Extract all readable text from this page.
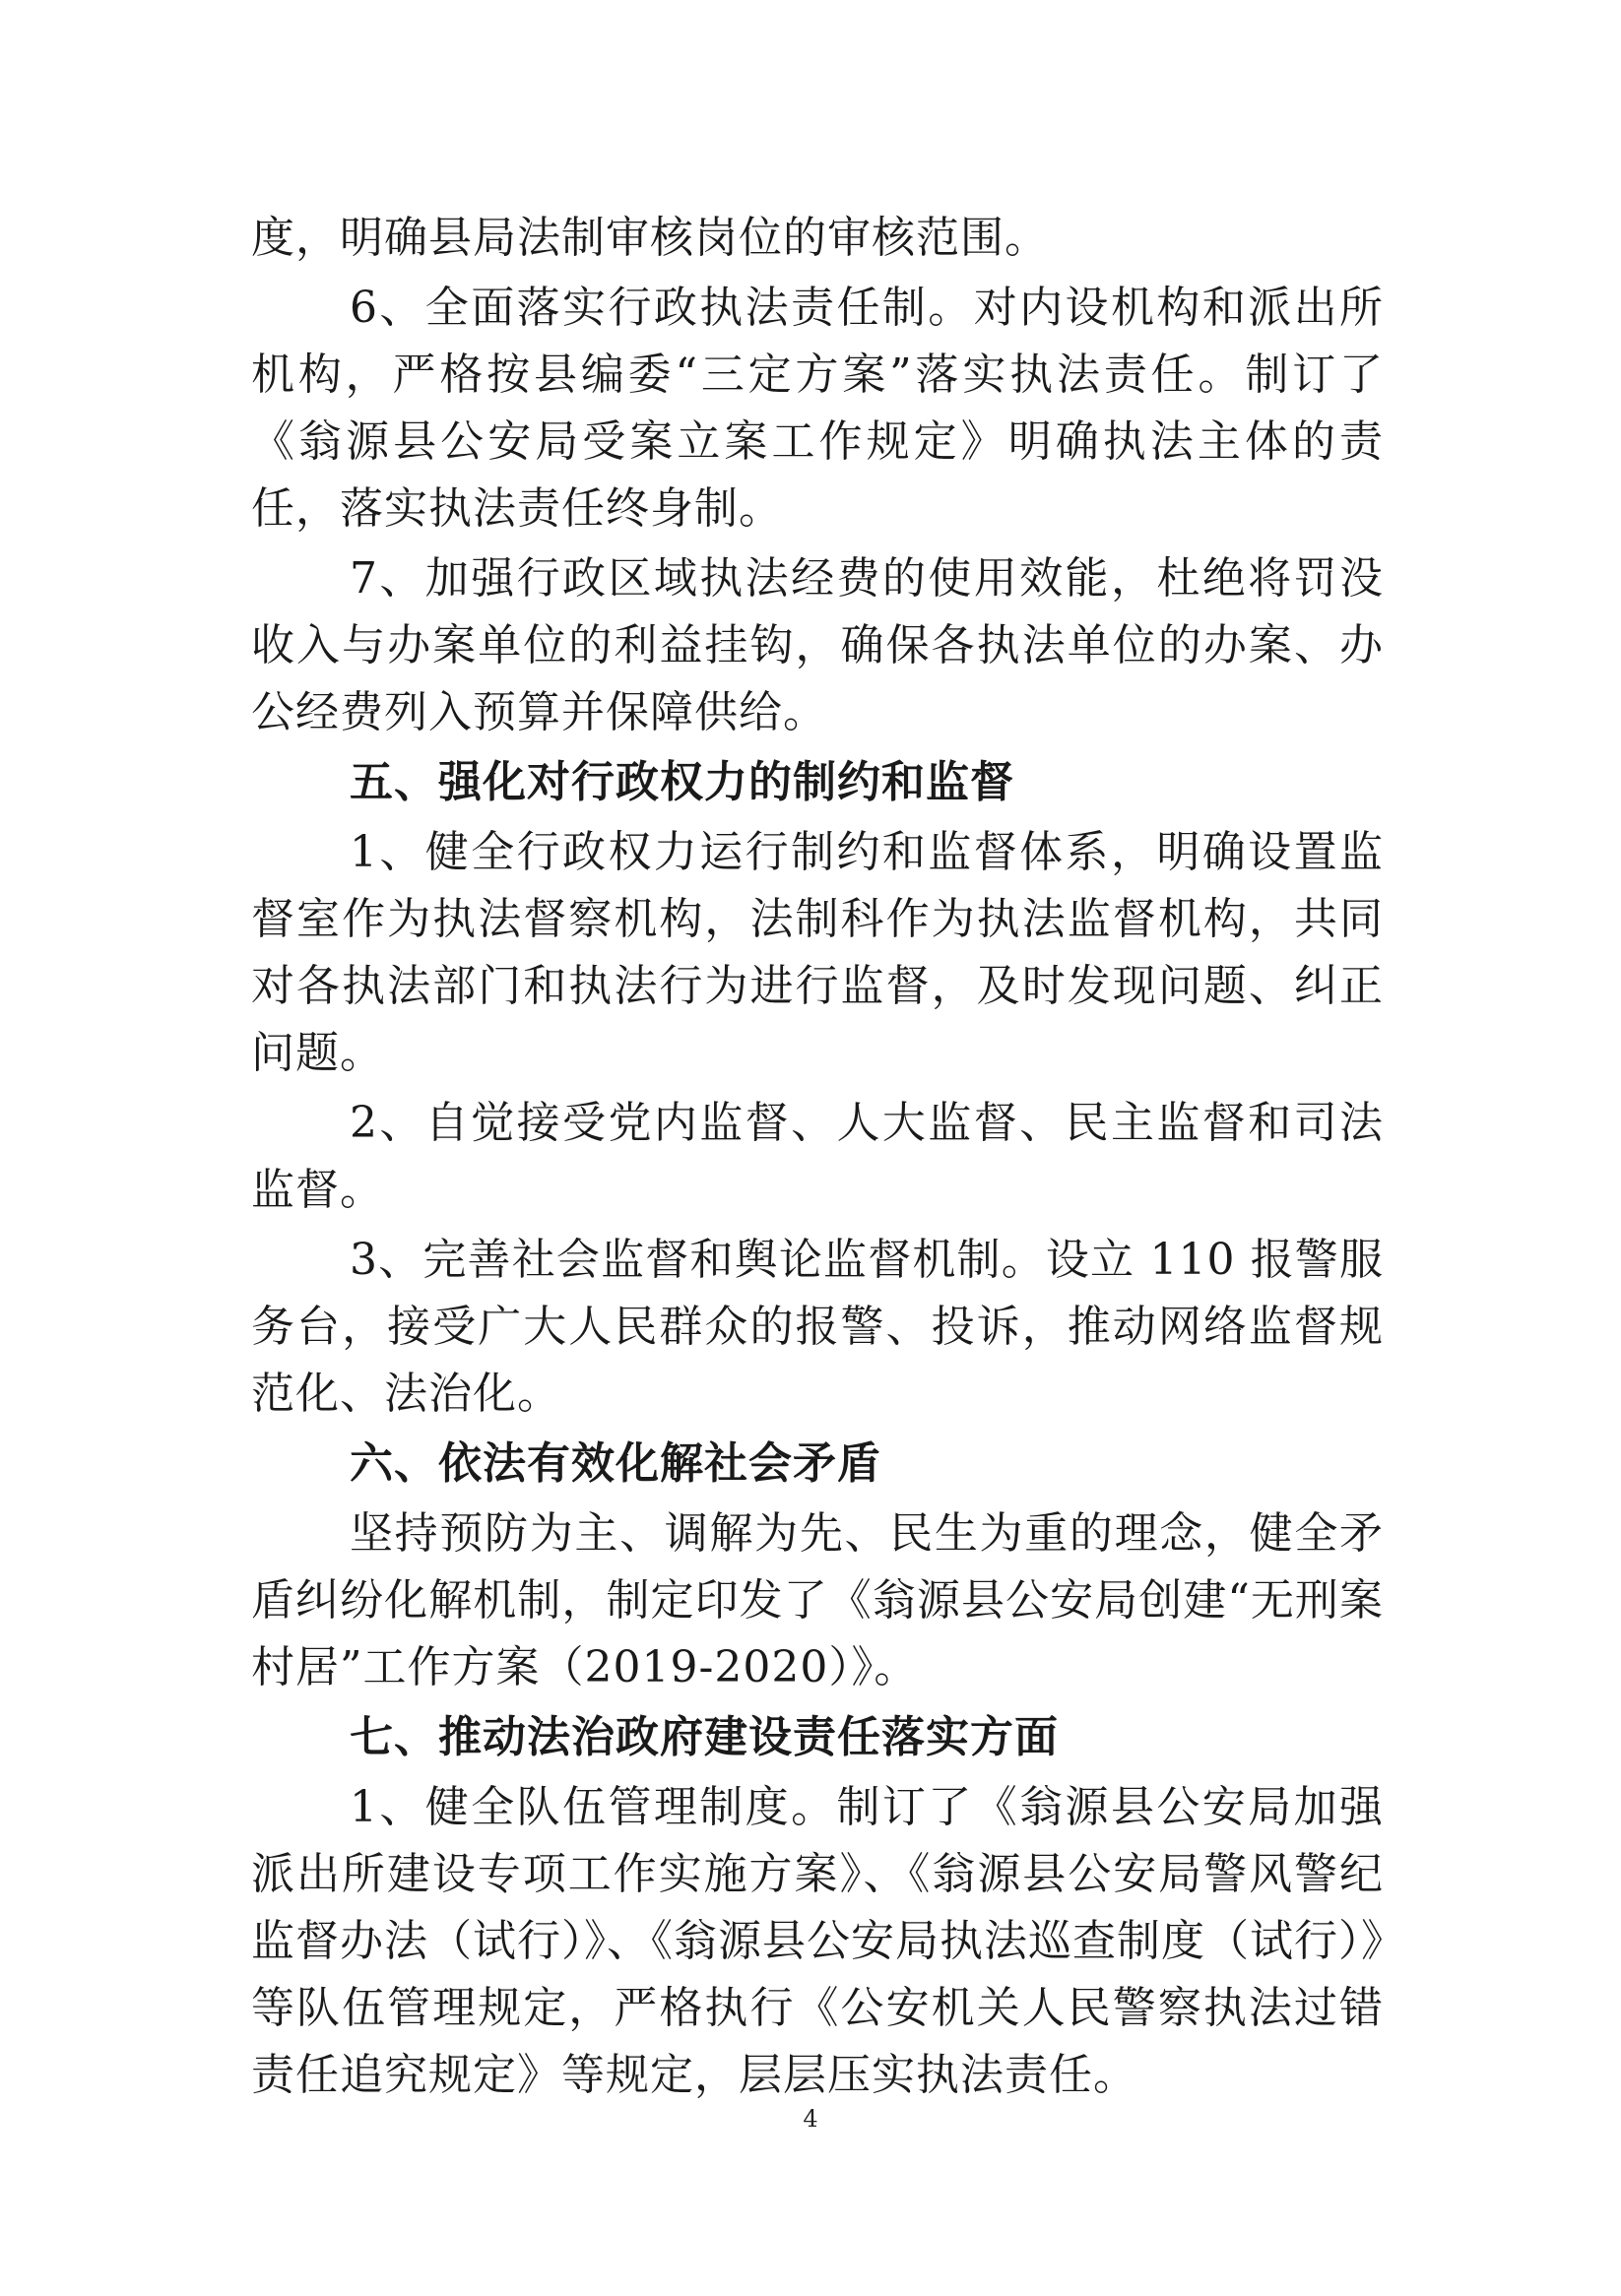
度，明确县局法制审核岗位的审核范围。

6、全面落实行政执法责任制。对内设机构和派出所机构，严格按县编委“三定方案”落实执法责任。制订了《翁源县公安局受案立案工作规定》明确执法主体的责任，落实执法责任终身制。

7、加强行政区域执法经费的使用效能，杜绝将罚没收入与办案单位的利益挂钩，确保各执法单位的办案、办公经费列入预算并保障供给。

五、强化对行政权力的制约和监督

1、健全行政权力运行制约和监督体系，明确设置监督室作为执法督察机构，法制科作为执法监督机构，共同对各执法部门和执法行为进行监督，及时发现问题、纠正问题。

2、自觉接受党内监督、人大监督、民主监督和司法监督。

3、完善社会监督和舆论监督机制。设立 110 报警服务台，接受广大人民群众的报警、投诉，推动网络监督规范化、法治化。

六、依法有效化解社会矛盾

坚持预防为主、调解为先、民生为重的理念，健全矛盾纠纷化解机制，制定印发了《翁源县公安局创建“无刑案村居”工作方案（2019-2020）》。

七、推动法治政府建设责任落实方面

1、健全队伍管理制度。制订了《翁源县公安局加强派出所建设专项工作实施方案》、《翁源县公安局警风警纪监督办法（试行）》、《翁源县公安局执法巡查制度（试行）》等队伍管理规定，严格执行《公安机关人民警察执法过错责任追究规定》等规定，层层压实执法责任。

4
